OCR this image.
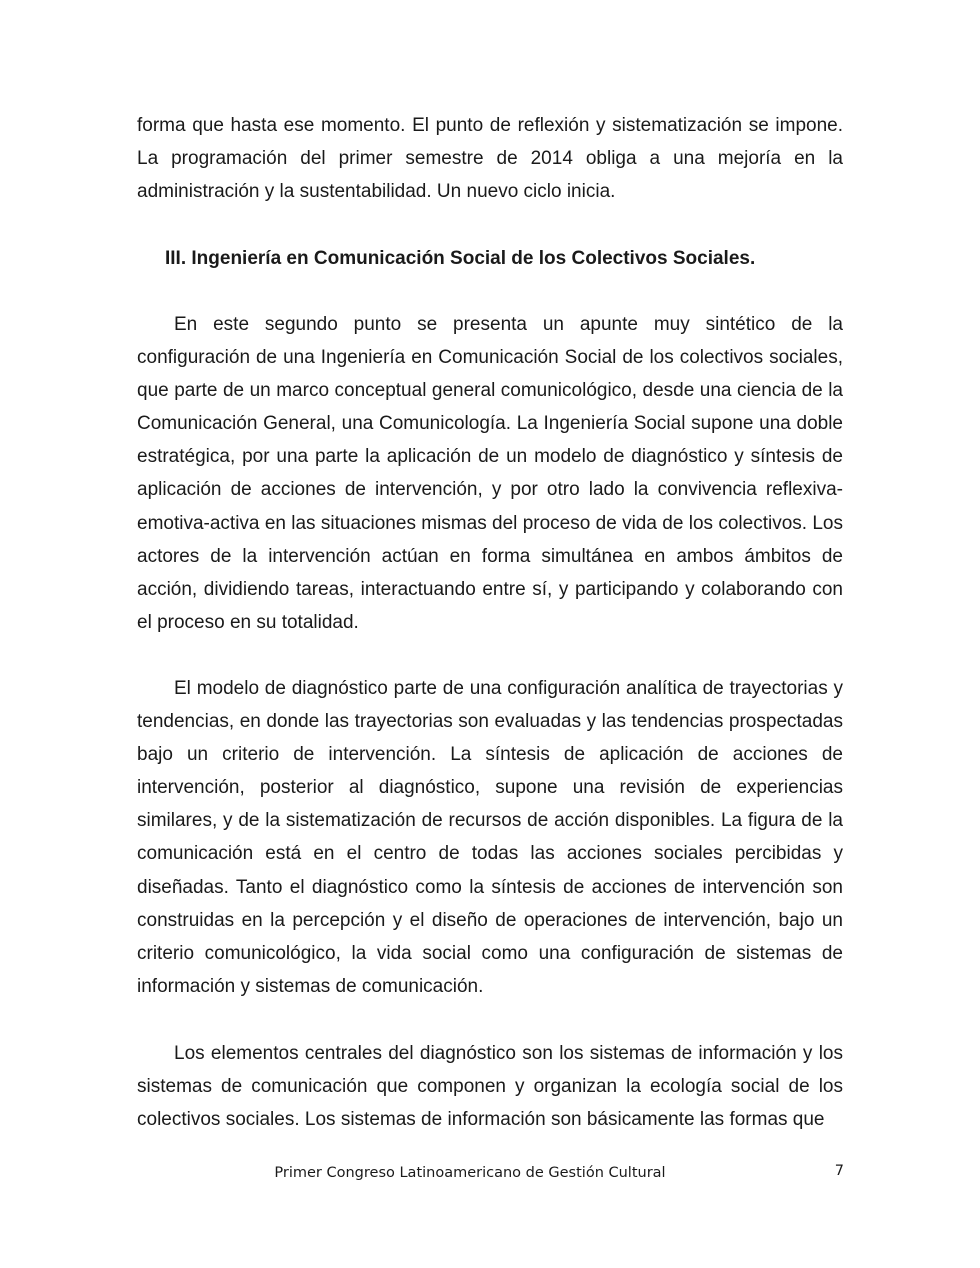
forma que hasta ese momento. El punto de reflexión y sistematización se impone. La programación del primer semestre de 2014 obliga a una mejoría en la administración y la sustentabilidad. Un nuevo ciclo inicia.

III. Ingeniería en Comunicación Social de los Colectivos Sociales.

En este segundo punto se presenta un apunte muy sintético de la configuración de una Ingeniería en Comunicación Social de los colectivos sociales, que parte de un marco conceptual general comunicológico, desde una ciencia de la Comunicación General, una Comunicología. La Ingeniería Social supone una doble estratégica, por una parte la aplicación de un modelo de diagnóstico y síntesis de aplicación de acciones de intervención, y por otro lado la convivencia reflexiva-emotiva-activa en las situaciones mismas del proceso de vida de los colectivos. Los actores de la intervención actúan en forma simultánea en ambos ámbitos de acción, dividiendo tareas, interactuando entre sí, y participando y colaborando con el proceso en su totalidad.

El modelo de diagnóstico parte de una configuración analítica de trayectorias y tendencias, en donde las trayectorias son evaluadas y las tendencias prospectadas bajo un criterio de intervención. La síntesis de aplicación de acciones de intervención, posterior al diagnóstico, supone una revisión de experiencias similares, y de la sistematización de recursos de acción disponibles. La figura de la comunicación está en el centro de todas las acciones sociales percibidas y diseñadas. Tanto el diagnóstico como la síntesis de acciones de intervención son construidas en la percepción y el diseño de operaciones de intervención, bajo un criterio comunicológico, la vida social como una configuración de sistemas de información y sistemas de comunicación.

Los elementos centrales del diagnóstico son los sistemas de información y los sistemas de comunicación que componen y organizan la ecología social de los colectivos sociales. Los sistemas de información son básicamente las formas que

Primer Congreso Latinoamericano de Gestión Cultural	7
